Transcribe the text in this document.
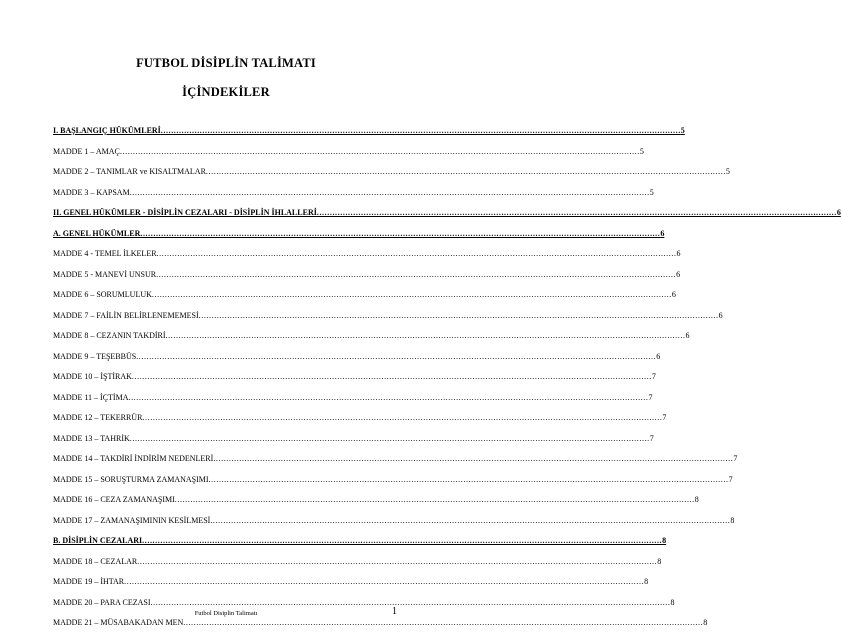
FUTBOL DİSİPLİN TALİMATI
İÇİNDEKİLER
I. BAŞLANGIÇ HÜKÜMLERİ ........................................................................................................................................................................................................ 5
MADDE 1 – AMAÇ ........................................................................................................................................................................................................ 5
MADDE 2 – TANIMLAR ve KISALTMALAR ........................................................................................................................................................................................................ 5
MADDE 3 – KAPSAM ........................................................................................................................................................................................................ 5
II. GENEL HÜKÜMLER - DİSİPLİN CEZALARI - DİSİPLİN İHLALLERİ ........................................................................................................................................................................................................ 6
A. GENEL HÜKÜMLER ........................................................................................................................................................................................................ 6
MADDE 4 - TEMEL İLKELER ........................................................................................................................................................................................................ 6
MADDE 5 - MANEVİ UNSUR ........................................................................................................................................................................................................ 6
MADDE 6 – SORUMLULUK ........................................................................................................................................................................................................ 6
MADDE 7 – FAİLİN BELİRLENEMEMESİ ........................................................................................................................................................................................................ 6
MADDE 8 – CEZANIN TAKDİRİ ........................................................................................................................................................................................................ 6
MADDE 9 – TEŞEBBÜS ........................................................................................................................................................................................................ 6
MADDE 10 – İŞTİRAK ........................................................................................................................................................................................................ 7
MADDE 11 – İÇTİMA ........................................................................................................................................................................................................ 7
MADDE 12 – TEKERRÜR ........................................................................................................................................................................................................ 7
MADDE 13 – TAHRİK ........................................................................................................................................................................................................ 7
MADDE 14 – TAKDİRİ İNDİRİM NEDENLERİ ........................................................................................................................................................................................................ 7
MADDE 15 – SORUŞTURMA ZAMANAŞIMI ........................................................................................................................................................................................................ 7
MADDE 16 – CEZA ZAMANAŞIMI ........................................................................................................................................................................................................ 8
MADDE 17 – ZAMANAŞIMININ KESİLMESİ ........................................................................................................................................................................................................ 8
B. DİSİPLİN CEZALARI ........................................................................................................................................................................................................ 8
MADDE 18 – CEZALAR ........................................................................................................................................................................................................ 8
MADDE 19 – İHTAR ........................................................................................................................................................................................................ 8
MADDE 20 – PARA CEZASI ........................................................................................................................................................................................................ 8
MADDE 21 – MÜSABAKADAN MEN ........................................................................................................................................................................................................ 8
Futbol Disiplin Talimatı	1
